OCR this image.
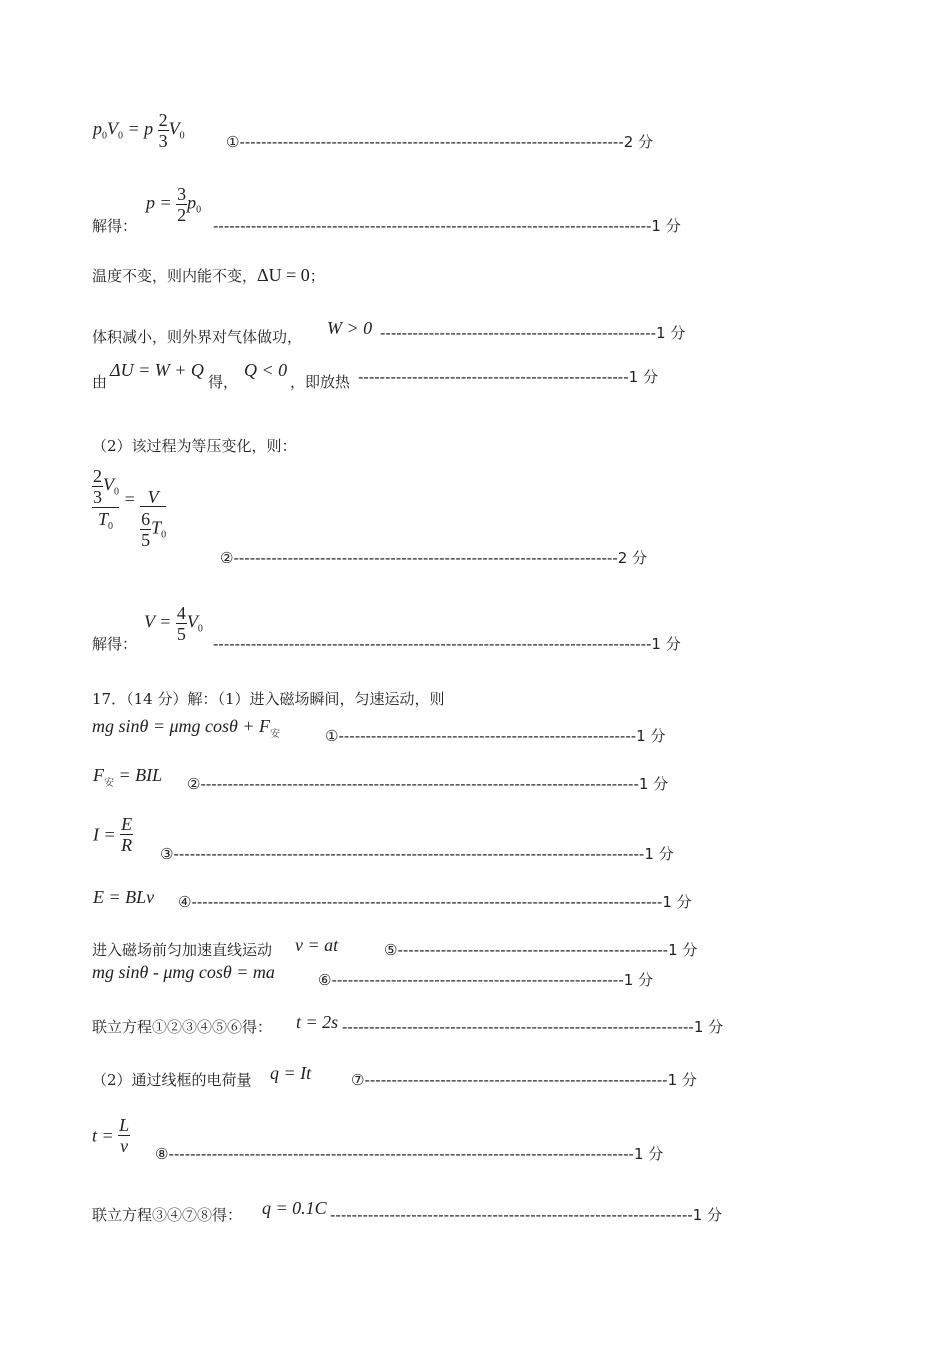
$p_0V_0 = p \frac{2}{3} V_0$	①-----------------------------------------------------------------------2 分
解得：
$p = \frac{3}{2} p_0$
---------------------------------------------------------------------------------1 分
温度不变，则内能不变，ΔU = 0；
体积减小，则外界对气体做功， W > 0 ---------------------------------------------------1 分
由
ΔU = W + Q
得，
Q < 0
，即放热 --------------------------------------------------1 分
（2）该过程为等压变化，则：
$\frac{\frac{2}{3} V_0}{T_0} = \frac{V}{\frac{6}{5} T_0}$
②-----------------------------------------------------------------------2 分
解得：
$V = \frac{4}{5} V_0$
---------------------------------------------------------------------------------1 分
17．（14 分）解：（1）进入磁场瞬间，匀速运动，则
mg sinθ = μmg $\cos\theta + F_安$	①-------------------------------------------------------1 分
$F_安$ = BIL ②---------------------------------------------------------------------------------1 分
$I = \frac{E}{R}$ ③---------------------------------------------------------------------------------------1 分
E = BLv ④---------------------------------------------------------------------------------------1 分
进入磁场前匀加速直线运动 v = at	⑤--------------------------------------------------1 分
mg sinθ - μmg cosθ = ma	⑥------------------------------------------------------1 分
联立方程①②③④⑤⑥得： t = 2s -----------------------------------------------------------------1 分
（2）通过线框的电荷量 q = It	⑦--------------------------------------------------------1 分
$t = \frac{L}{v}$ ⑧--------------------------------------------------------------------------------------1 分
联立方程③④⑦⑧得： q = 0.1C -------------------------------------------------------------------1 分
